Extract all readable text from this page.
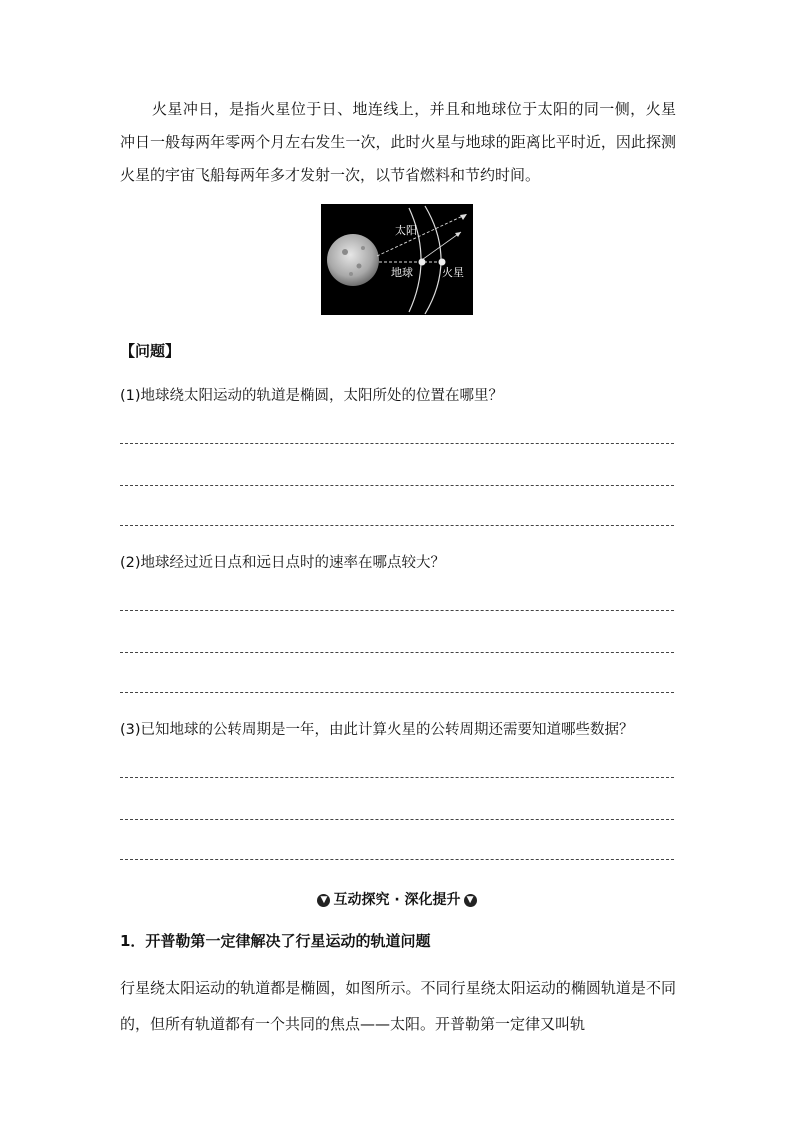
火星冲日，是指火星位于日、地连线上，并且和地球位于太阳的同一侧，火星冲日一般每两年零两个月左右发生一次，此时火星与地球的距离比平时近，因此探测火星的宇宙飞船每两年多才发射一次，以节省燃料和节约时间。

太阳
地球	火星
【问题】
(1)地球绕太阳运动的轨道是椭圆，太阳所处的位置在哪里？
(2)地球经过近日点和远日点时的速率在哪点较大？
(3)已知地球的公转周期是一年，由此计算火星的公转周期还需要知道哪些数据？
▼ 互动探究 · 深化提升 ▼
1．开普勒第一定律解决了行星运动的轨道问题

行星绕太阳运动的轨道都是椭圆，如图所示。不同行星绕太阳运动的椭圆轨道是不同的，但所有轨道都有一个共同的焦点——太阳。开普勒第一定律又叫轨
